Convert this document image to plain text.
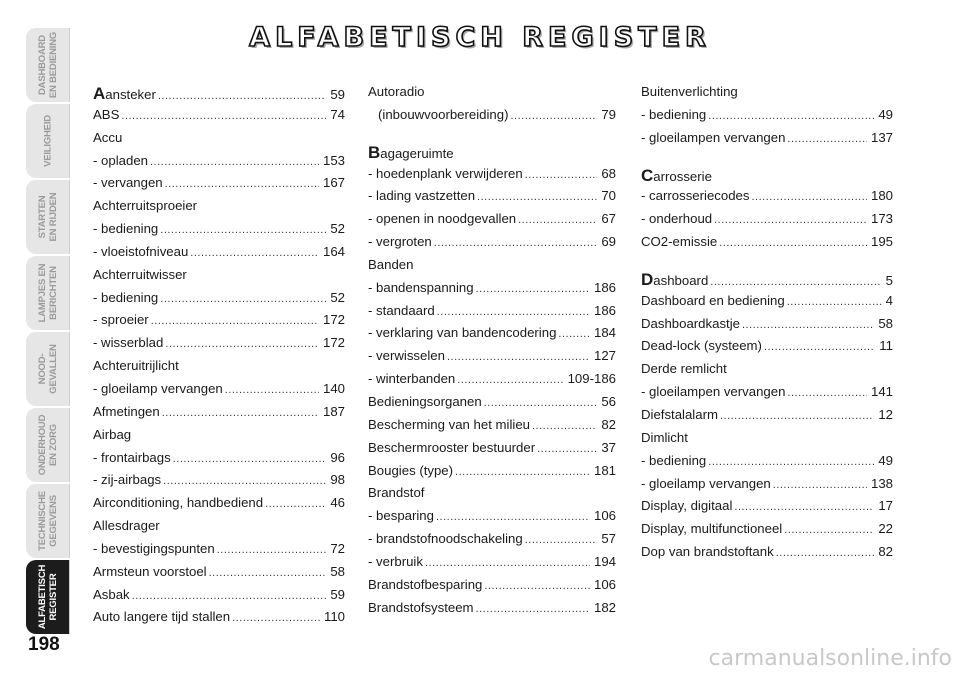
DASHBOARD
EN BEDIENING
VEILIGHEID
STARTEN
EN RIJDEN
LAMPJES EN
BERICHTEN
NOOD-
GEVALLEN
ONDERHOUD
EN ZORG
TECHNISCHE
GEGEVENS
ALFABETISCH
REGISTER
198
ALFABETISCH REGISTER
Aansteker .....	59
ABS .....	74
Accu
- opladen .....	153
- vervangen .....	167
Achterruitsproeier
- bediening .....	52
- vloeistofniveau .....	164
Achterruitwisser
- bediening .....	52
- sproeier .....	172
- wisserblad .....	172
Achteruitrijlicht
- gloeilamp vervangen .....	140
Afmetingen .....	187
Airbag
- frontairbags .....	96
- zij-airbags .....	98
Airconditioning, handbediend .....	46
Allesdrager
- bevestigingspunten .....	72
Armsteun voorstoel .....	58
Asbak .....	59
Auto langere tijd stallen .....	110
Autoradio
(inbouwvoorbereiding) .....	79
Bagageruimte
- hoedenplank verwijderen .....	68
- lading vastzetten .....	70
- openen in noodgevallen .....	67
- vergroten .....	69
Banden
- bandenspanning .....	186
- standaard .....	186
- verklaring van bandencodering .....	184
- verwisselen .....	127
- winterbanden .....	109-186
Bedieningsorganen .....	56
Bescherming van het milieu .....	82
Beschermrooster bestuurder .....	37
Bougies (type) .....	181
Brandstof
- besparing .....	106
- brandstofnoodschakeling .....	57
- verbruik .....	194
Brandstofbesparing .....	106
Brandstofsysteem .....	182
Buitenverlichting
- bediening .....	49
- gloeilampen vervangen .....	137
Carrosserie
- carrosseriecodes .....	180
- onderhoud .....	173
CO2-emissie .....	195
Dashboard .....	5
Dashboard en bediening .....	4
Dashboardkastje .....	58
Dead-lock (systeem) .....	11
Derde remlicht
- gloeilampen vervangen .....	141
Diefstalalarm .....	12
Dimlicht
- bediening .....	49
- gloeilamp vervangen .....	138
Display, digitaal .....	17
Display, multifunctioneel .....	22
Dop van brandstoftank .....	82
carmanualsonline.info
